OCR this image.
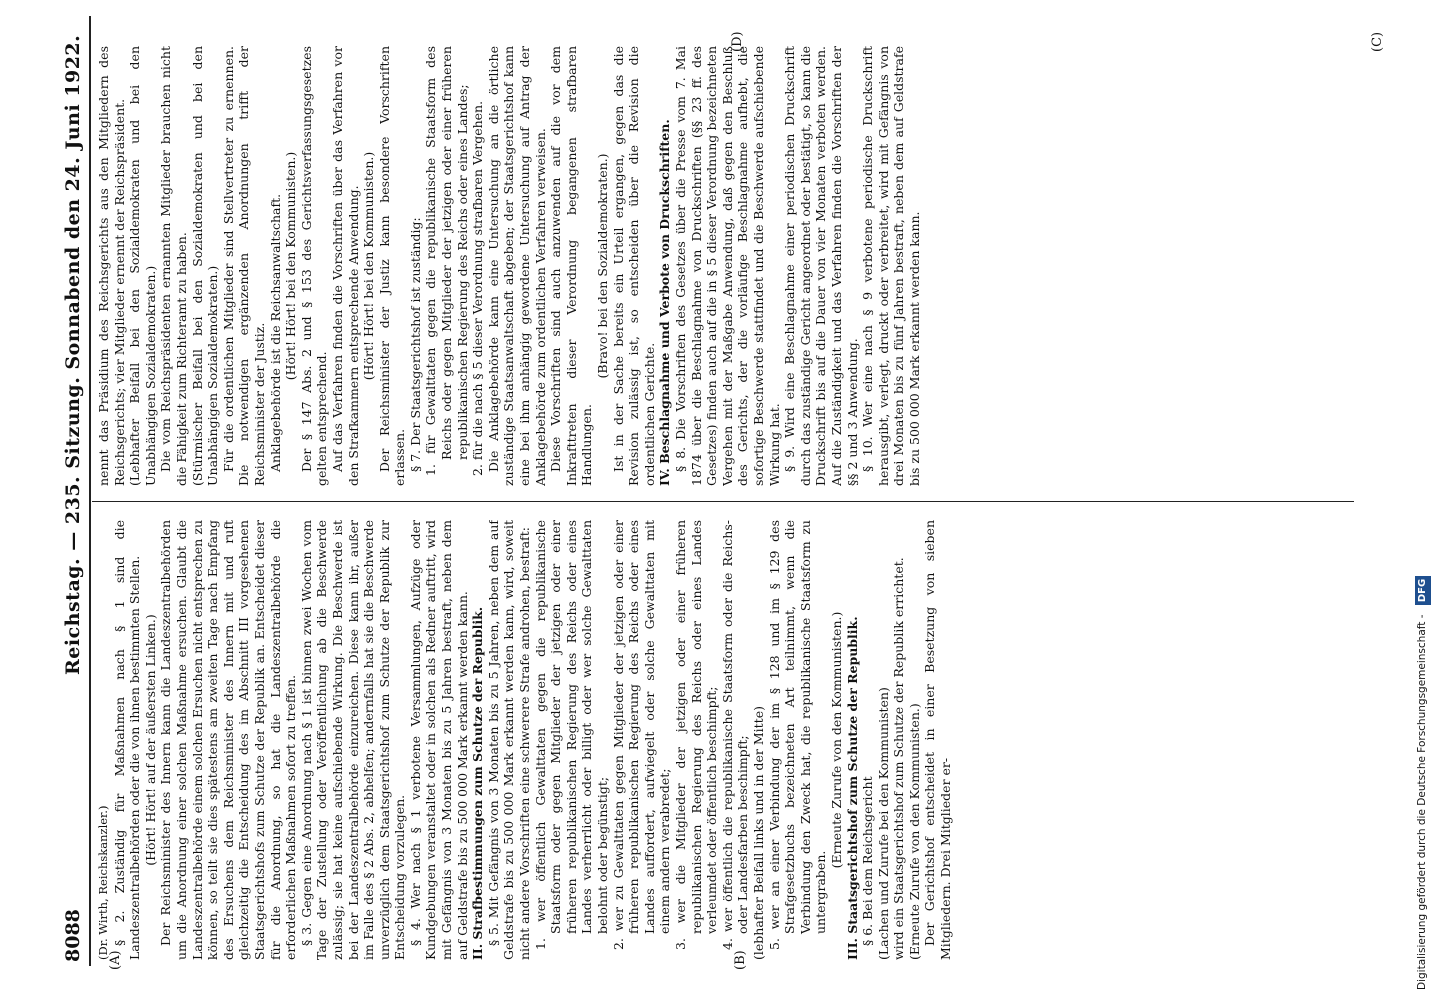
8088
Reichstag. — 235. Sitzung. Sonnabend den 24. Juni 1922.
(A)	(B)
(C)
(D)

(Dr. Wirth, Reichskanzler.) § 2. Zuständig für Maßnahmen nach § 1 sind die Landeszentralbehörden oder die von ihnen bestimmten Stellen. (Hört! Hört! auf der äußersten Linken.) Der Reichsminister des Innern kann die Landeszentralbehörden um die Anordnung einer solchen Maßnahme ersuchen. Glaubt die Landeszentralbehörde einem solchen Ersuchen nicht entsprechen zu können, so teilt sie dies spätestens am zweiten Tage nach Empfang des Ersuchens dem Reichsminister des Innern mit und ruft gleichzeitig die Entscheidung des im Abschnitt III vorgesehenen Staatsgerichtshofs zum Schutze der Republik an. Entscheidet dieser für die Anordnung, so hat die Landeszentralbehörde die erforderlichen Maßnahmen sofort zu treffen. § 3. Gegen eine Anordnung nach § 1 ist binnen zwei Wochen vom Tage der Zustellung oder Veröffentlichung ab die Beschwerde zulässig; sie hat keine aufschiebende Wirkung. Die Beschwerde ist bei der Landeszentralbehörde einzureichen. Diese kann ihr, außer im Falle des § 2 Abs. 2, abhelfen; andernfalls hat sie die Beschwerde unverzüglich dem Staatsgerichtshof zum Schutze der Republik zur Entscheidung vorzulegen. § 4. Wer nach § 1 verbotene Versammlungen, Aufzüge oder Kundgebungen veranstaltet oder in solchen als Redner auftritt, wird mit Gefängnis von 3 Monaten bis zu 5 Jahren bestraft, neben dem auf Geldstrafe bis zu 500 000 Mark erkannt werden kann. II. Strafbestimmungen zum Schutze der Republik. § 5. Mit Gefängnis von 3 Monaten bis zu 5 Jahren, neben dem auf Geldstrafe bis zu 500 000 Mark erkannt werden kann, wird, soweit nicht andere Vorschriften eine schwerere Strafe androhen, bestraft: 1. wer öffentlich Gewalttaten gegen die republikanische Staatsform oder gegen Mitglieder der jetzigen oder einer früheren republikanischen Regierung des Reichs oder eines Landes verherrlicht oder billigt oder wer solche Gewalttaten belohnt oder begünstigt; 2. wer zu Gewalttaten gegen Mitglieder der jetzigen oder einer früheren republikanischen Regierung des Reichs oder eines Landes auffordert, aufwiegelt oder solche Gewalttaten mit einem andern verabredet; 3. wer die Mitglieder der jetzigen oder einer früheren republikanischen Regierung des Reichs oder eines Landes verleumdet oder öffentlich beschimpft; 4. wer öffentlich die republikanische Staatsform oder die Reichs- oder Landesfarben beschimpft; (lebhafter Beifall links und in der Mitte) 5. wer an einer Verbindung der im § 128 und im § 129 des Strafgesetzbuchs bezeichneten Art teilnimmt, wenn die Verbindung den Zweck hat, die republikanische Staatsform zu untergraben.

(Erneute Zurufe von den Kommunisten.) III. Staatsgerichtshof zum Schutze der Republik. § 6. Bei dem Reichsgericht (Lachen und Zurufe bei den Kommunisten) wird ein Staatsgerichtshof zum Schutze der Republik errichtet. (Erneute Zurufe von den Kommunisten.) Der Gerichtshof entscheidet in einer Besetzung von sieben Mitgliedern. Drei Mitglieder er-

nennt das Präsidium des Reichsgerichts aus den Mitgliedern des Reichsgerichts; vier Mitglieder ernennt der Reichspräsident. (Lebhafter Beifall bei den Sozialdemokraten und bei den Unabhängigen Sozialdemokraten.) Die vom Reichspräsidenten ernannten Mitglieder brauchen nicht die Fähigkeit zum Richteramt zu haben. (Stürmischer Beifall bei den Sozialdemokraten und bei den Unabhängigen Sozialdemokraten.) Für die ordentlichen Mitglieder sind Stellvertreter zu ernennen. Die notwendigen ergänzenden Anordnungen trifft der Reichsminister der Justiz. Anklagebehörde ist die Reichsanwaltschaft. (Hört! Hört! bei den Kommunisten.) Der § 147 Abs. 2 und § 153 des Gerichtsverfassungsgesetzes gelten entsprechend. Auf das Verfahren finden die Vorschriften über das Verfahren vor den Strafkammern entsprechende Anwendung. (Hört! Hört! bei den Kommunisten.) Der Reichsminister der Justiz kann besondere Vorschriften erlassen. § 7. Der Staatsgerichtshof ist zuständig: 1. für Gewalttaten gegen die republikanische Staatsform des Reichs oder gegen Mitglieder der jetzigen oder einer früheren republikanischen Regierung des Reichs oder eines Landes; 2. für die nach § 5 dieser Verordnung strafbaren Vergehen. Die Anklagebehörde kann eine Untersuchung an die örtliche zuständige Staatsanwaltschaft abgeben; der Staatsgerichtshof kann eine bei ihm anhängig gewordene Untersuchung auf Antrag der Anklagebehörde zum ordentlichen Verfahren verweisen. Diese Vorschriften sind auch anzuwenden auf die vor dem Inkrafttreten dieser Verordnung begangenen strafbaren Handlungen.

(Bravo! bei den Sozialdemokraten.) Ist in der Sache bereits ein Urteil ergangen, gegen das die Revision zulässig ist, so entscheiden über die Revision die ordentlichen Gerichte. IV. Beschlagnahme und Verbote von Druckschriften. § 8. Die Vorschriften des Gesetzes über die Presse vom 7. Mai 1874 über die Beschlagnahme von Druckschriften (§§ 23 ff. des Gesetzes) finden auch auf die in § 5 dieser Verordnung bezeichneten Vergehen mit der Maßgabe Anwendung, daß gegen den Beschluß des Gerichts, der die vorläufige Beschlagnahme aufhebt, die sofortige Beschwerde stattfindet und die Beschwerde aufschiebende Wirkung hat. § 9. Wird eine Beschlagnahme einer periodischen Druckschrift durch das zuständige Gericht angeordnet oder bestätigt, so kann die Druckschrift bis auf die Dauer von vier Monaten verboten werden. Auf die Zuständigkeit und das Verfahren finden die Vorschriften der §§ 2 und 3 Anwendung. § 10. Wer eine nach § 9 verbotene periodische Druckschrift herausgibt, verlegt, druckt oder verbreitet, wird mit Gefängnis von drei Monaten bis zu fünf Jahren bestraft, neben dem auf Geldstrafe bis zu 500 000 Mark erkannt werden kann.

Digitalisierung gefördert durch die Deutsche Forschungsgemeinschaft - DFG
